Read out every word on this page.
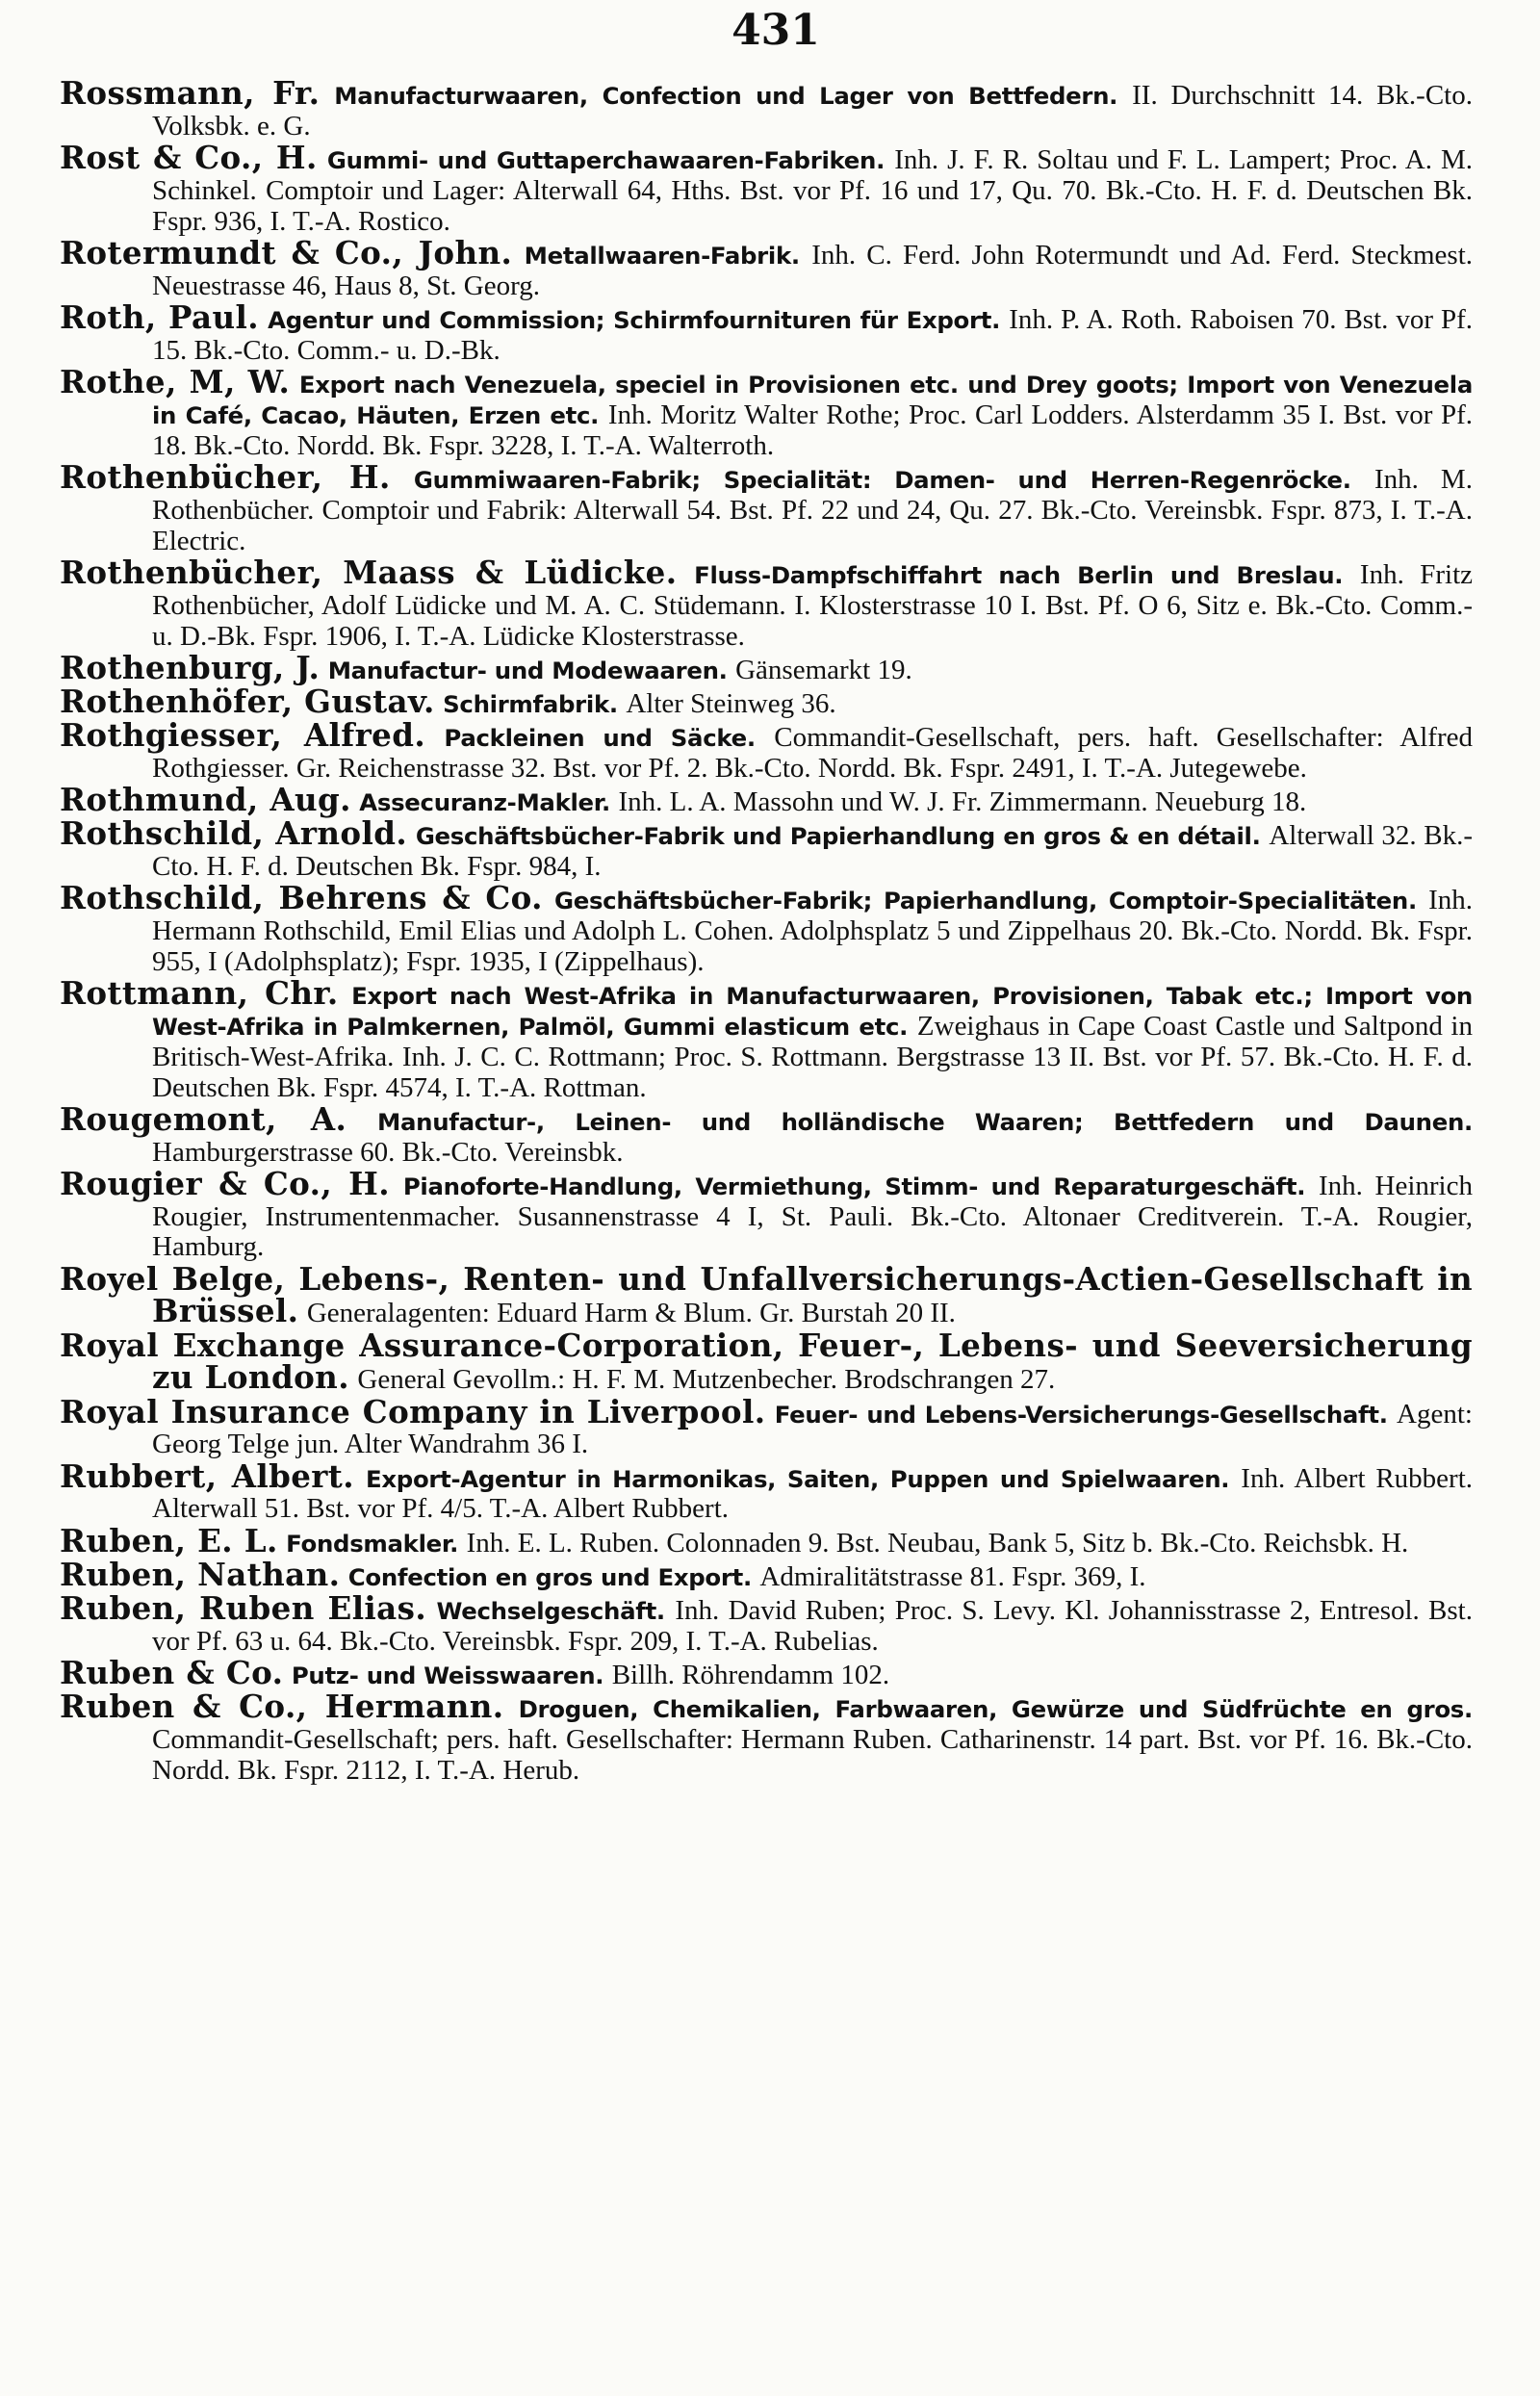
431

Rossmann, Fr. Manufacturwaaren, Confection und Lager von Bettfedern. II. Durchschnitt 14. Bk.-Cto. Volksbk. e. G.

Rost & Co., H. Gummi- und Guttaperchawaaren-Fabriken. Inh. J. F. R. Soltau und F. L. Lampert; Proc. A. M. Schinkel. Comptoir und Lager: Alterwall 64, Hths. Bst. vor Pf. 16 und 17, Qu. 70. Bk.-Cto. H. F. d. Deutschen Bk. Fspr. 936, I. T.-A. Rostico.

Rotermundt & Co., John. Metallwaaren-Fabrik. Inh. C. Ferd. John Rotermundt und Ad. Ferd. Steckmest. Neuestrasse 46, Haus 8, St. Georg.

Roth, Paul. Agentur und Commission; Schirmfournituren für Export. Inh. P. A. Roth. Raboisen 70. Bst. vor Pf. 15. Bk.-Cto. Comm.- u. D.-Bk.

Rothe, M, W. Export nach Venezuela, speciel in Provisionen etc. und Drey goots; Import von Venezuela in Café, Cacao, Häuten, Erzen etc. Inh. Moritz Walter Rothe; Proc. Carl Lodders. Alsterdamm 35 I. Bst. vor Pf. 18. Bk.-Cto. Nordd. Bk. Fspr. 3228, I. T.-A. Walterroth.

Rothenbücher, H. Gummiwaaren-Fabrik; Specialität: Damen- und Herren-Regenröcke. Inh. M. Rothenbücher. Comptoir und Fabrik: Alterwall 54. Bst. Pf. 22 und 24, Qu. 27. Bk.-Cto. Vereinsbk. Fspr. 873, I. T.-A. Electric.

Rothenbücher, Maass & Lüdicke. Fluss-Dampfschiffahrt nach Berlin und Breslau. Inh. Fritz Rothenbücher, Adolf Lüdicke und M. A. C. Stüdemann. I. Klosterstrasse 10 I. Bst. Pf. O 6, Sitz e. Bk.-Cto. Comm.- u. D.-Bk. Fspr. 1906, I. T.-A. Lüdicke Klosterstrasse.

Rothenburg, J. Manufactur- und Modewaaren. Gänsemarkt 19.

Rothenhöfer, Gustav. Schirmfabrik. Alter Steinweg 36.

Rothgiesser, Alfred. Packleinen und Säcke. Commandit-Gesellschaft, pers. haft. Gesellschafter: Alfred Rothgiesser. Gr. Reichenstrasse 32. Bst. vor Pf. 2. Bk.-Cto. Nordd. Bk. Fspr. 2491, I. T.-A. Jutegewebe.

Rothmund, Aug. Assecuranz-Makler. Inh. L. A. Massohn und W. J. Fr. Zimmermann. Neueburg 18.

Rothschild, Arnold. Geschäftsbücher-Fabrik und Papierhandlung en gros & en détail. Alterwall 32. Bk.-Cto. H. F. d. Deutschen Bk. Fspr. 984, I.

Rothschild, Behrens & Co. Geschäftsbücher-Fabrik; Papierhandlung, Comptoir-Specialitäten. Inh. Hermann Rothschild, Emil Elias und Adolph L. Cohen. Adolphsplatz 5 und Zippelhaus 20. Bk.-Cto. Nordd. Bk. Fspr. 955, I (Adolphsplatz); Fspr. 1935, I (Zippelhaus).

Rottmann, Chr. Export nach West-Afrika in Manufacturwaaren, Provisionen, Tabak etc.; Import von West-Afrika in Palmkernen, Palmöl, Gummi elasticum etc. Zweighaus in Cape Coast Castle und Saltpond in Britisch-West-Afrika. Inh. J. C. C. Rottmann; Proc. S. Rottmann. Bergstrasse 13 II. Bst. vor Pf. 57. Bk.-Cto. H. F. d. Deutschen Bk. Fspr. 4574, I. T.-A. Rottman.

Rougemont, A. Manufactur-, Leinen- und holländische Waaren; Bettfedern und Daunen. Hamburgerstrasse 60. Bk.-Cto. Vereinsbk.

Rougier & Co., H. Pianoforte-Handlung, Vermiethung, Stimm- und Reparaturgeschäft. Inh. Heinrich Rougier, Instrumentenmacher. Susannenstrasse 4 I, St. Pauli. Bk.-Cto. Altonaer Creditverein. T.-A. Rougier, Hamburg.

Royel Belge, Lebens-, Renten- und Unfallversicherungs-Actien-Gesellschaft in Brüssel. Generalagenten: Eduard Harm & Blum. Gr. Burstah 20 II.

Royal Exchange Assurance-Corporation, Feuer-, Lebens- und Seeversicherung zu London. General Gevollm.: H. F. M. Mutzenbecher. Brodschrangen 27.

Royal Insurance Company in Liverpool. Feuer- und Lebens-Versicherungs-Gesellschaft. Agent: Georg Telge jun. Alter Wandrahm 36 I.

Rubbert, Albert. Export-Agentur in Harmonikas, Saiten, Puppen und Spielwaaren. Inh. Albert Rubbert. Alterwall 51. Bst. vor Pf. 4/5. T.-A. Albert Rubbert.

Ruben, E. L. Fondsmakler. Inh. E. L. Ruben. Colonnaden 9. Bst. Neubau, Bank 5, Sitz b. Bk.-Cto. Reichsbk. H.

Ruben, Nathan. Confection en gros und Export. Admiralitätstrasse 81. Fspr. 369, I.

Ruben, Ruben Elias. Wechselgeschäft. Inh. David Ruben; Proc. S. Levy. Kl. Johannisstrasse 2, Entresol. Bst. vor Pf. 63 u. 64. Bk.-Cto. Vereinsbk. Fspr. 209, I. T.-A. Rubelias.

Ruben & Co. Putz- und Weisswaaren. Billh. Röhrendamm 102.

Ruben & Co., Hermann. Droguen, Chemikalien, Farbwaaren, Gewürze und Südfrüchte en gros. Commandit-Gesellschaft; pers. haft. Gesellschafter: Hermann Ruben. Catharinenstr. 14 part. Bst. vor Pf. 16. Bk.-Cto. Nordd. Bk. Fspr. 2112, I. T.-A. Herub.
